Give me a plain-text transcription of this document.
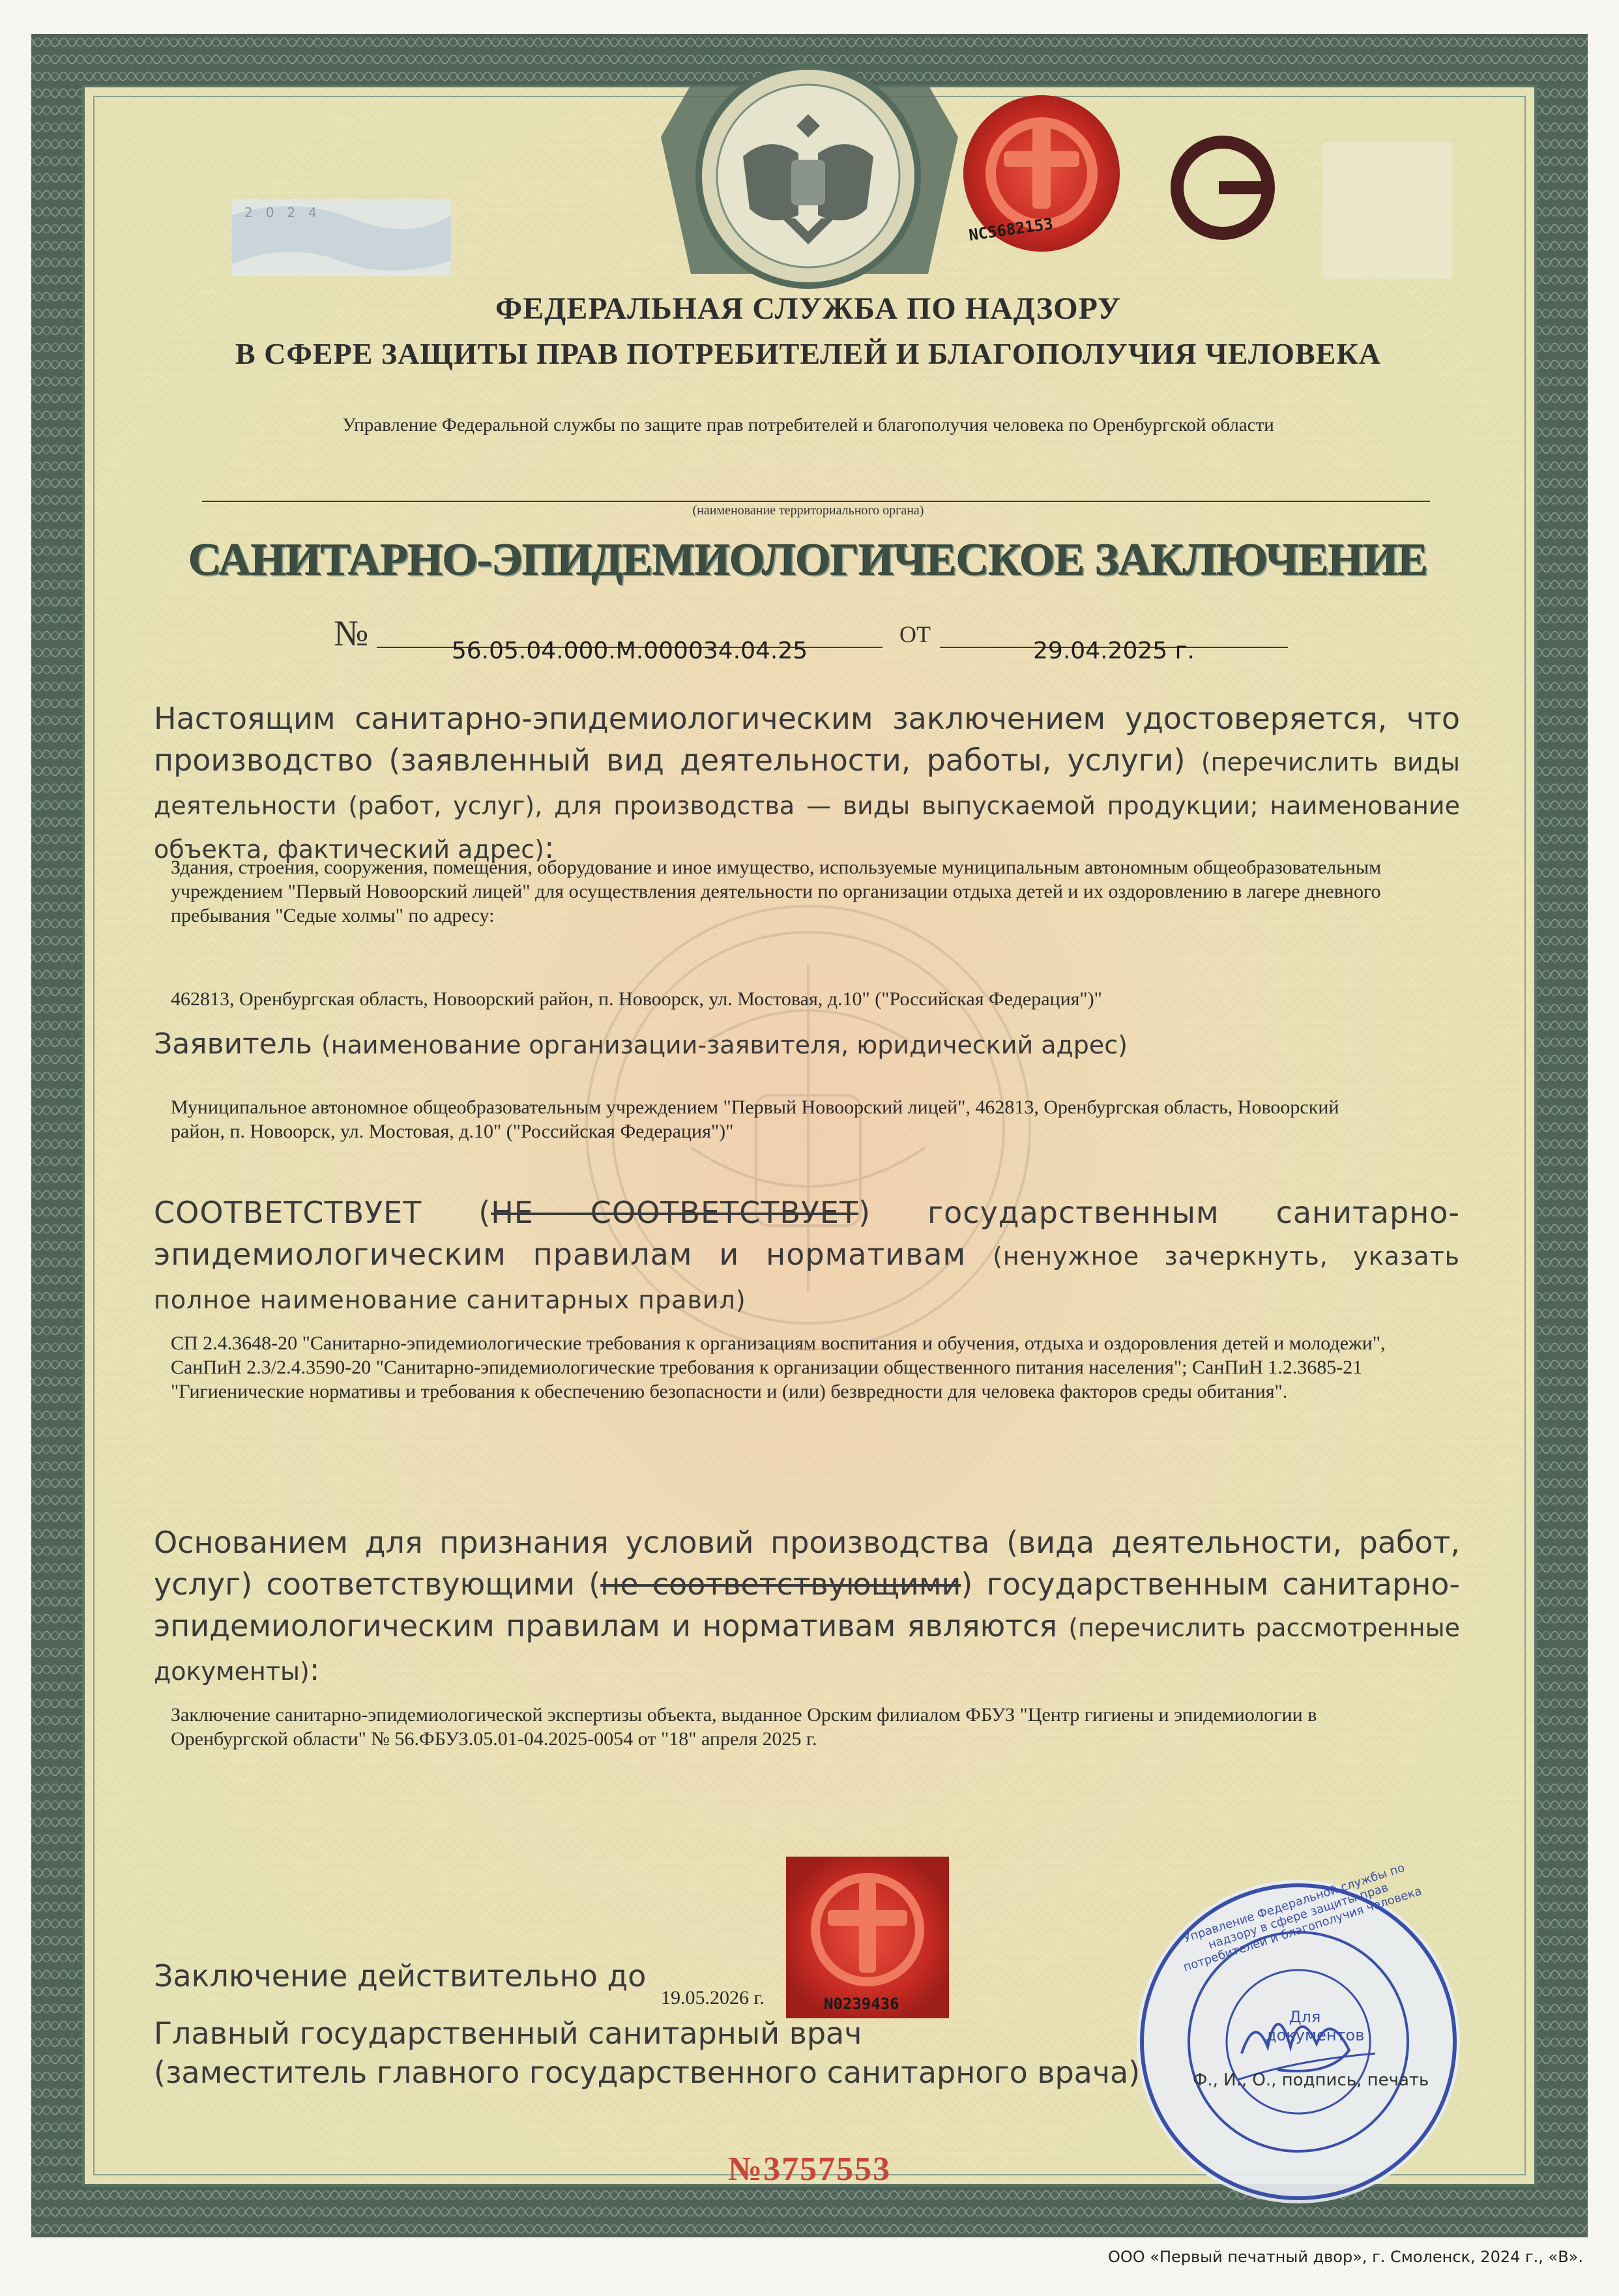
2024
NC5682153
N0239436
ФЕДЕРАЛЬНАЯ СЛУЖБА ПО НАДЗОРУ
В СФЕРЕ ЗАЩИТЫ ПРАВ ПОТРЕБИТЕЛЕЙ И БЛАГОПОЛУЧИЯ ЧЕЛОВЕКА
Управление Федеральной службы по защите прав потребителей и благополучия человека по Оренбургской области
(наименование территориального органа)
САНИТАРНО-ЭПИДЕМИОЛОГИЧЕСКОЕ ЗАКЛЮЧЕНИЕ
№	56.05.04.000.М.000034.04.25
ОТ
29.04.2025 г.
Настоящим санитарно-эпидемиологическим заключением удостоверяется, что производство (заявленный вид деятельности, работы, услуги) (перечислить виды деятельности (работ, услуг), для производства — виды выпускаемой продукции; наименование объекта, фактический адрес):
Здания, строения, сооружения, помещения, оборудование и иное имущество, используемые муниципальным автономным общеобразовательным учреждением "Первый Новоорский лицей" для осуществления деятельности по организации отдыха детей и их оздоровлению в лагере дневного пребывания "Седые холмы" по адресу:
462813, Оренбургская область, Новоорский район, п. Новоорск, ул. Мостовая, д.10" ("Российская Федерация")"
Заявитель (наименование организации-заявителя, юридический адрес)
Муниципальное автономное общеобразовательным учреждением "Первый Новоорский лицей", 462813, Оренбургская область, Новоорский район, п. Новоорск, ул. Мостовая, д.10" ("Российская Федерация")"
СООТВЕТСТВУЕТ (НЕ СООТВЕТСТВУЕТ) государственным санитарно-эпидемиологическим правилам и нормативам (ненужное зачеркнуть, указать полное наименование санитарных правил)
СП 2.4.3648-20 "Санитарно-эпидемиологические требования к организациям воспитания и обучения, отдыха и оздоровления детей и молодежи", СанПиН 2.3/2.4.3590-20 "Санитарно-эпидемиологические требования к организации общественного питания населения"; СанПиН 1.2.3685-21 "Гигиенические нормативы и требования к обеспечению безопасности и (или) безвредности для человека факторов среды обитания".
Основанием для признания условий производства (вида деятельности, работ, услуг) соответствующими (не соответствующими) государственным санитарно-эпидемиологическим правилам и нормативам являются (перечислить рассмотренные документы):
Заключение санитарно-эпидемиологической экспертизы объекта, выданное Орским филиалом ФБУЗ "Центр гигиены и эпидемиологии в Оренбургской области" № 56.ФБУЗ.05.01-04.2025-0054 от "18" апреля 2025 г.
Заключение действительно до
19.05.2026 г.
Главный государственный санитарный врач
(заместитель главного государственного санитарного врача)	Ф., И., О., подпись, печать
Управление Федеральной службы по надзору в сфере защиты прав потребителей и благополучия человека
Для документов
№3757553
ООО «Первый печатный двор», г. Смоленск, 2024 г., «В».
